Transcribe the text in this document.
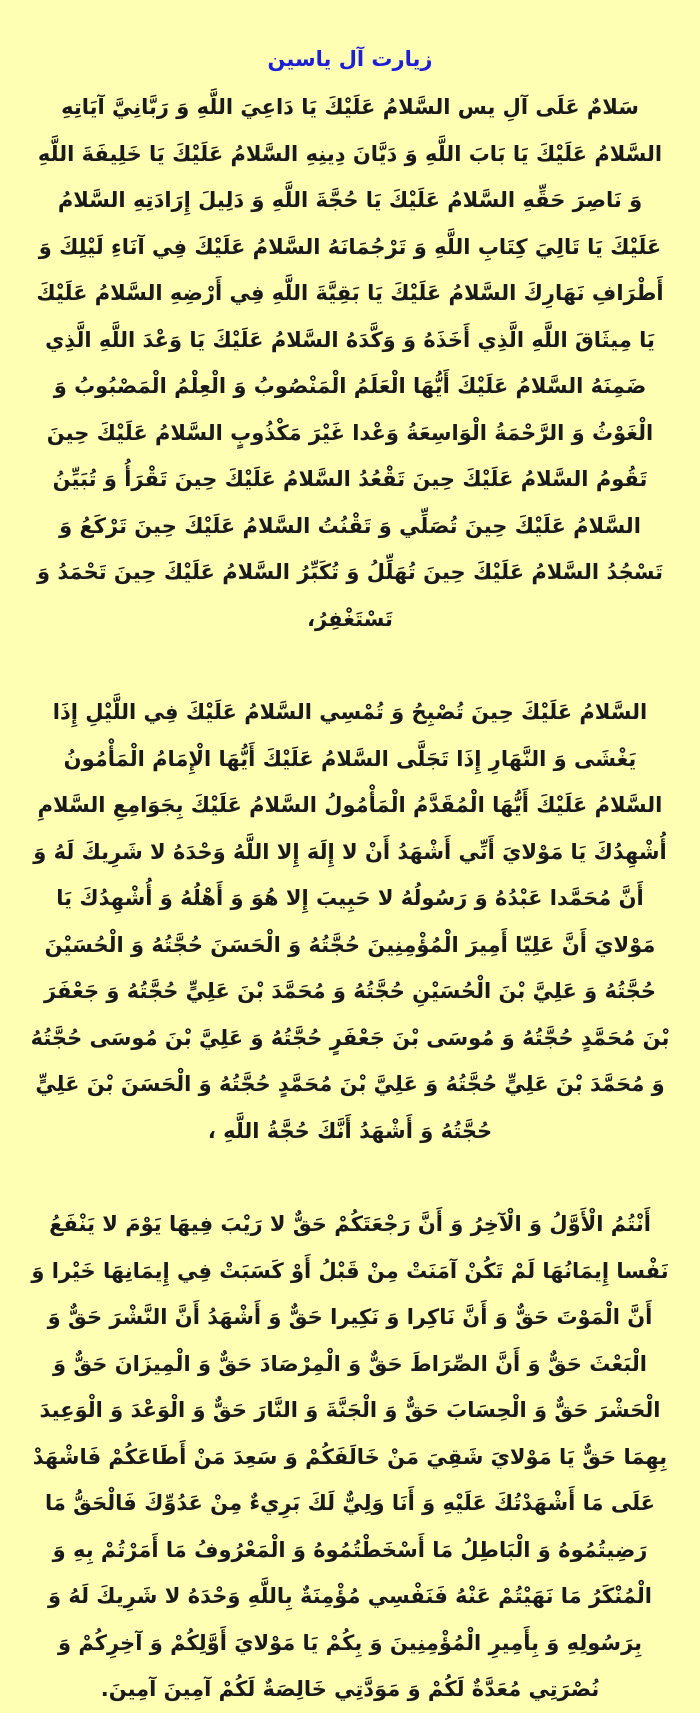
زيارت آل ياسين

سَلامٌ عَلَى آلِ يس السَّلامُ عَلَيْكَ يَا دَاعِيَ اللَّهِ وَ رَبَّانِيَّ آيَاتِهِ السَّلامُ عَلَيْكَ يَا بَابَ اللَّهِ وَ دَيَّانَ دِينِهِ السَّلامُ عَلَيْكَ يَا خَلِيفَةَ اللَّهِ وَ نَاصِرَ حَقِّهِ السَّلامُ عَلَيْكَ يَا حُجَّةَ اللَّهِ وَ دَلِيلَ إِرَادَتِهِ السَّلامُ عَلَيْكَ يَا تَالِيَ كِتَابِ اللَّهِ وَ تَرْجُمَانَهُ السَّلامُ عَلَيْكَ فِي آنَاءِ لَيْلِكَ وَ أَطْرَافِ نَهَارِكَ السَّلامُ عَلَيْكَ يَا بَقِيَّةَ اللَّهِ فِي أَرْضِهِ السَّلامُ عَلَيْكَ يَا مِيثَاقَ اللَّهِ الَّذِي أَخَذَهُ وَ وَكَّدَهُ السَّلامُ عَلَيْكَ يَا وَعْدَ اللَّهِ الَّذِي ضَمِنَهُ السَّلامُ عَلَيْكَ أَيُّهَا الْعَلَمُ الْمَنْصُوبُ وَ الْعِلْمُ الْمَصْبُوبُ وَ الْغَوْثُ وَ الرَّحْمَةُ الْوَاسِعَةُ وَعْدا غَيْرَ مَكْذُوبٍ السَّلامُ عَلَيْكَ حِينَ تَقُومُ السَّلامُ عَلَيْكَ حِينَ تَقْعُدُ السَّلامُ عَلَيْكَ حِينَ تَقْرَأُ وَ تُبَيِّنُ السَّلامُ عَلَيْكَ حِينَ تُصَلِّي وَ تَقْنُتُ السَّلامُ عَلَيْكَ حِينَ تَرْكَعُ وَ تَسْجُدُ السَّلامُ عَلَيْكَ حِينَ تُهَلِّلُ وَ تُكَبِّرُ السَّلامُ عَلَيْكَ حِينَ تَحْمَدُ وَ تَسْتَغْفِرُ،

السَّلامُ عَلَيْكَ حِينَ تُصْبِحُ وَ تُمْسِي السَّلامُ عَلَيْكَ فِي اللَّيْلِ إِذَا يَغْشَى وَ النَّهَارِ إِذَا تَجَلَّى السَّلامُ عَلَيْكَ أَيُّهَا الْإِمَامُ الْمَأْمُونُ السَّلامُ عَلَيْكَ أَيُّهَا الْمُقَدَّمُ الْمَأْمُولُ السَّلامُ عَلَيْكَ بِجَوَامِعِ السَّلامِ أُشْهِدُكَ يَا مَوْلايَ أَنِّي أَشْهَدُ أَنْ لا إِلَهَ إِلا اللَّهُ وَحْدَهُ لا شَرِيكَ لَهُ وَ أَنَّ مُحَمَّدا عَبْدُهُ وَ رَسُولُهُ لا حَبِيبَ إِلا هُوَ وَ أَهْلُهُ وَ أُشْهِدُكَ يَا مَوْلايَ أَنَّ عَلِيّا أَمِيرَ الْمُؤْمِنِينَ حُجَّتُهُ وَ الْحَسَنَ حُجَّتُهُ وَ الْحُسَيْنَ حُجَّتُهُ وَ عَلِيَّ بْنَ الْحُسَيْنِ حُجَّتُهُ وَ مُحَمَّدَ بْنَ عَلِيٍّ حُجَّتُهُ وَ جَعْفَرَ بْنَ مُحَمَّدٍ حُجَّتُهُ وَ مُوسَى بْنَ جَعْفَرٍ حُجَّتُهُ وَ عَلِيَّ بْنَ مُوسَى حُجَّتُهُ وَ مُحَمَّدَ بْنَ عَلِيٍّ حُجَّتُهُ وَ عَلِيَّ بْنَ مُحَمَّدٍ حُجَّتُهُ وَ الْحَسَنَ بْنَ عَلِيٍّ حُجَّتُهُ وَ أَشْهَدُ أَنَّكَ حُجَّةُ اللَّهِ ،

أَنْتُمُ الْأَوَّلُ وَ الْآخِرُ وَ أَنَّ رَجْعَتَكُمْ حَقٌّ لا رَيْبَ فِيهَا يَوْمَ لا يَنْفَعُ نَفْسا إِيمَانُهَا لَمْ تَكُنْ آمَنَتْ مِنْ قَبْلُ أَوْ كَسَبَتْ فِي إِيمَانِهَا خَيْرا وَ أَنَّ الْمَوْتَ حَقٌّ وَ أَنَّ نَاكِرا وَ نَكِيرا حَقٌّ وَ أَشْهَدُ أَنَّ النَّشْرَ حَقٌّ وَ الْبَعْثَ حَقٌّ وَ أَنَّ الصِّرَاطَ حَقٌّ وَ الْمِرْصَادَ حَقٌّ وَ الْمِيزَانَ حَقٌّ وَ الْحَشْرَ حَقٌّ وَ الْحِسَابَ حَقٌّ وَ الْجَنَّةَ وَ النَّارَ حَقٌّ وَ الْوَعْدَ وَ الْوَعِيدَ بِهِمَا حَقٌّ يَا مَوْلايَ شَقِيَ مَنْ خَالَفَكُمْ وَ سَعِدَ مَنْ أَطَاعَكُمْ فَاشْهَدْ عَلَى مَا أَشْهَدْتُكَ عَلَيْهِ وَ أَنَا وَلِيٌّ لَكَ بَرِيءٌ مِنْ عَدُوِّكَ فَالْحَقُّ مَا رَضِيتُمُوهُ وَ الْبَاطِلُ مَا أَسْخَطْتُمُوهُ وَ الْمَعْرُوفُ مَا أَمَرْتُمْ بِهِ وَ الْمُنْكَرُ مَا نَهَيْتُمْ عَنْهُ فَنَفْسِي مُؤْمِنَةٌ بِاللَّهِ وَحْدَهُ لا شَرِيكَ لَهُ وَ بِرَسُولِهِ وَ بِأَمِيرِ الْمُؤْمِنِينَ وَ بِكُمْ يَا مَوْلايَ أَوَّلِكُمْ وَ آخِرِكُمْ وَ نُصْرَتِي مُعَدَّةٌ لَكُمْ وَ مَوَدَّتِي خَالِصَةٌ لَكُمْ آمِينَ آمِينَ.
